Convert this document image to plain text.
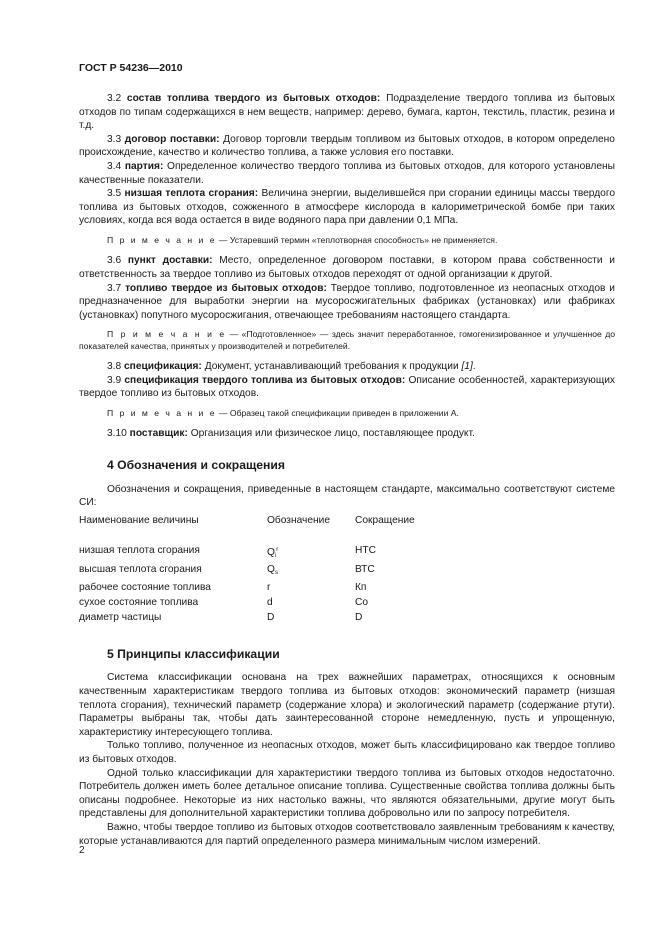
ГОСТ Р 54236—2010

3.2 состав топлива твердого из бытовых отходов: Подразделение твердого топлива из бытовых отходов по типам содержащихся в нем веществ, например: дерево, бумага, картон, текстиль, пластик, резина и т.д.

3.3 договор поставки: Договор торговли твердым топливом из бытовых отходов, в котором определено происхождение, качество и количество топлива, а также условия его поставки.

3.4 партия: Определенное количество твердого топлива из бытовых отходов, для которого установлены качественные показатели.

3.5 низшая теплота сгорания: Величина энергии, выделившейся при сгорании единицы массы твердого топлива из бытовых отходов, сожженного в атмосфере кислорода в калориметрической бомбе при таких условиях, когда вся вода остается в виде водяного пара при давлении 0,1 МПа.

П р и м е ч а н и е — Устаревший термин «теплотворная способность» не применяется.

3.6 пункт доставки: Место, определенное договором поставки, в котором права собственности и ответственность за твердое топливо из бытовых отходов переходят от одной организации к другой.

3.7 топливо твердое из бытовых отходов: Твердое топливо, подготовленное из неопасных отходов и предназначенное для выработки энергии на мусоросжигательных фабриках (установках) или фабриках (установках) попутного мусоросжигания, отвечающее требованиям настоящего стандарта.

П р и м е ч а н и е — «Подготовленное» — здесь значит переработанное, гомогенизированное и улучшенное до показателей качества, принятых у производителей и потребителей.

3.8 спецификация: Документ, устанавливающий требования к продукции [1].

3.9 спецификация твердого топлива из бытовых отходов: Описание особенностей, характеризующих твердое топливо из бытовых отходов.

П р и м е ч а н и е — Образец такой спецификации приведен в приложении А.

3.10 поставщик: Организация или физическое лицо, поставляющее продукт.

4 Обозначения и сокращения

Обозначения и сокращения, приведенные в настоящем стандарте, максимально соответствуют системе СИ:

Наименование величины	Обозначение	Сокращение

низшая теплота сгорания	$Q_i^r$	НТС
высшая теплота сгорания	$Q_s$	ВТС
рабочее состояние топлива	r	Кп
сухое состояние топлива	d	Со
диаметр частицы	D	D
5 Принципы классификации

Система классификации основана на трех важнейших параметрах, относящихся к основным качественным характеристикам твердого топлива из бытовых отходов: экономический параметр (низшая теплота сгорания), технический параметр (содержание хлора) и экологический параметр (содержание ртути). Параметры выбраны так, чтобы дать заинтересованной стороне немедленную, пусть и упрощенную, характеристику интересующего топлива.

Только топливо, полученное из неопасных отходов, может быть классифицировано как твердое топливо из бытовых отходов.

Одной только классификации для характеристики твердого топлива из бытовых отходов недостаточно. Потребитель должен иметь более детальное описание топлива. Существенные свойства топлива должны быть описаны подробнее. Некоторые из них настолько важны, что являются обязательными, другие могут быть представлены для дополнительной характеристики топлива добровольно или по запросу потребителя.

Важно, чтобы твердое топливо из бытовых отходов соответствовало заявленным требованиям к качеству, которые устанавливаются для партий определенного размера минимальным числом измерений.

2
